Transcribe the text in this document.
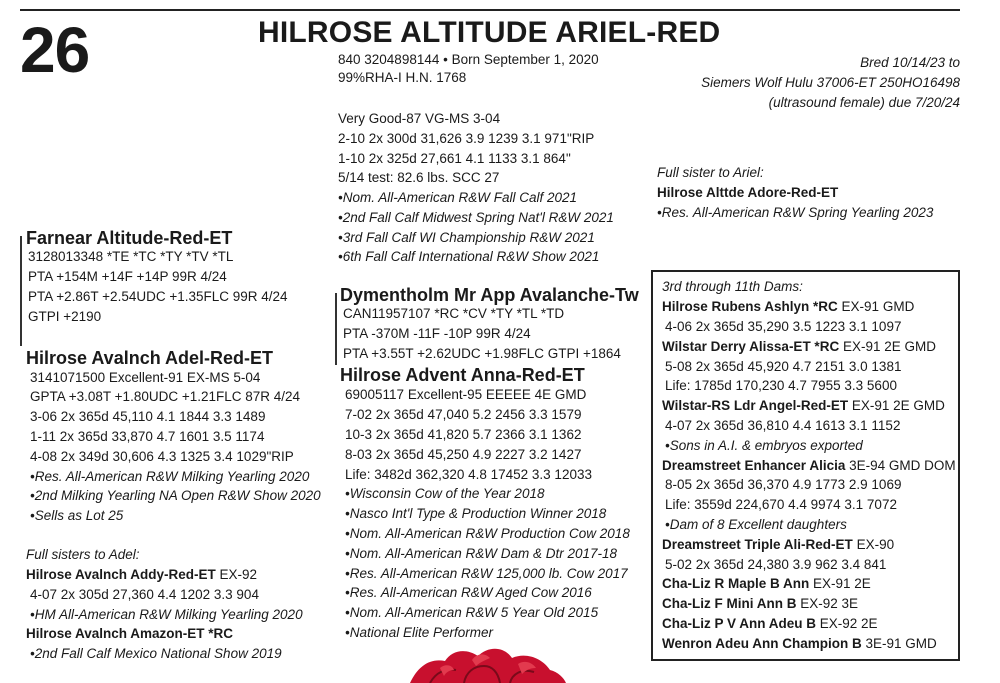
26	HILROSE ALTITUDE ARIEL-RED
840 3204898144 • Born September 1, 2020
99%RHA-I H.N. 1768
Very Good-87 VG-MS 3-04
2-10 2x 300d 31,626 3.9 1239 3.1 971"RIP
1-10 2x 325d 27,661 4.1 1133 3.1 864"
5/14 test: 82.6 lbs. SCC 27
•Nom. All-American R&W Fall Calf 2021
•2nd Fall Calf Midwest Spring Nat'l R&W 2021
•3rd Fall Calf WI Championship R&W 2021
•6th Fall Calf International R&W Show 2021
Bred 10/14/23 to
Siemers Wolf Hulu 37006-ET 250HO16498
(ultrasound female) due 7/20/24
Full sister to Ariel:
Hilrose Alttde Adore-Red-ET
•Res. All-American R&W Spring Yearling 2023
Farnear Altitude-Red-ET
3128013348 *TE *TC *TY *TV *TL
PTA +154M +14F +14P 99R 4/24
PTA +2.86T +2.54UDC +1.35FLC 99R 4/24
GTPI +2190
Hilrose Avalnch Adel-Red-ET
3141071500 Excellent-91 EX-MS 5-04
GPTA +3.08T +1.80UDC +1.21FLC 87R 4/24
3-06 2x 365d 45,110 4.1 1844 3.3 1489
1-11 2x 365d 33,870 4.7 1601 3.5 1174
4-08 2x 349d 30,606 4.3 1325 3.4 1029"RIP
•Res. All-American R&W Milking Yearling 2020
•2nd Milking Yearling NA Open R&W Show 2020
•Sells as Lot 25
Full sisters to Adel:
Hilrose Avalnch Addy-Red-ET EX-92
4-07 2x 305d 27,360 4.4 1202 3.3 904
•HM All-American R&W Milking Yearling 2020
Hilrose Avalnch Amazon-ET *RC
•2nd Fall Calf Mexico National Show 2019
Dymentholm Mr App Avalanche-Tw
CAN11957107 *RC *CV *TY *TL *TD
PTA -370M -11F -10P 99R 4/24
PTA +3.55T +2.62UDC +1.98FLC GTPI +1864
Hilrose Advent Anna-Red-ET
69005117 Excellent-95 EEEEE 4E GMD
7-02 2x 365d 47,040 5.2 2456 3.3 1579
10-3 2x 365d 41,820 5.7 2366 3.1 1362
8-03 2x 365d 45,250 4.9 2227 3.2 1427
Life: 3482d 362,320 4.8 17452 3.3 12033
•Wisconsin Cow of the Year 2018
•Nasco Int'l Type & Production Winner 2018
•Nom. All-American R&W Production Cow 2018
•Nom. All-American R&W Dam & Dtr 2017-18
•Res. All-American R&W 125,000 lb. Cow 2017
•Res. All-American R&W Aged Cow 2016
•Nom. All-American R&W 5 Year Old 2015
•National Elite Performer
3rd through 11th Dams:
Hilrose Rubens Ashlyn *RC EX-91 GMD
4-06 2x 365d 35,290 3.5 1223 3.1 1097
Wilstar Derry Alissa-ET *RC EX-91 2E GMD
5-08 2x 365d 45,920 4.7 2151 3.0 1381
Life: 1785d 170,230 4.7 7955 3.3 5600
Wilstar-RS Ldr Angel-Red-ET EX-91 2E GMD
4-07 2x 365d 36,810 4.4 1613 3.1 1152
•Sons in A.I. & embryos exported
Dreamstreet Enhancer Alicia 3E-94 GMD DOM
8-05 2x 365d 36,370 4.9 1773 2.9 1069
Life: 3559d 224,670 4.4 9974 3.1 7072
•Dam of 8 Excellent daughters
Dreamstreet Triple Ali-Red-ET EX-90
5-02 2x 365d 24,380 3.9 962 3.4 841
Cha-Liz R Maple B Ann EX-91 2E
Cha-Liz F Mini Ann B EX-92 3E
Cha-Liz P V Ann Adeu B EX-92 2E
Wenron Adeu Ann Champion B 3E-91 GMD
